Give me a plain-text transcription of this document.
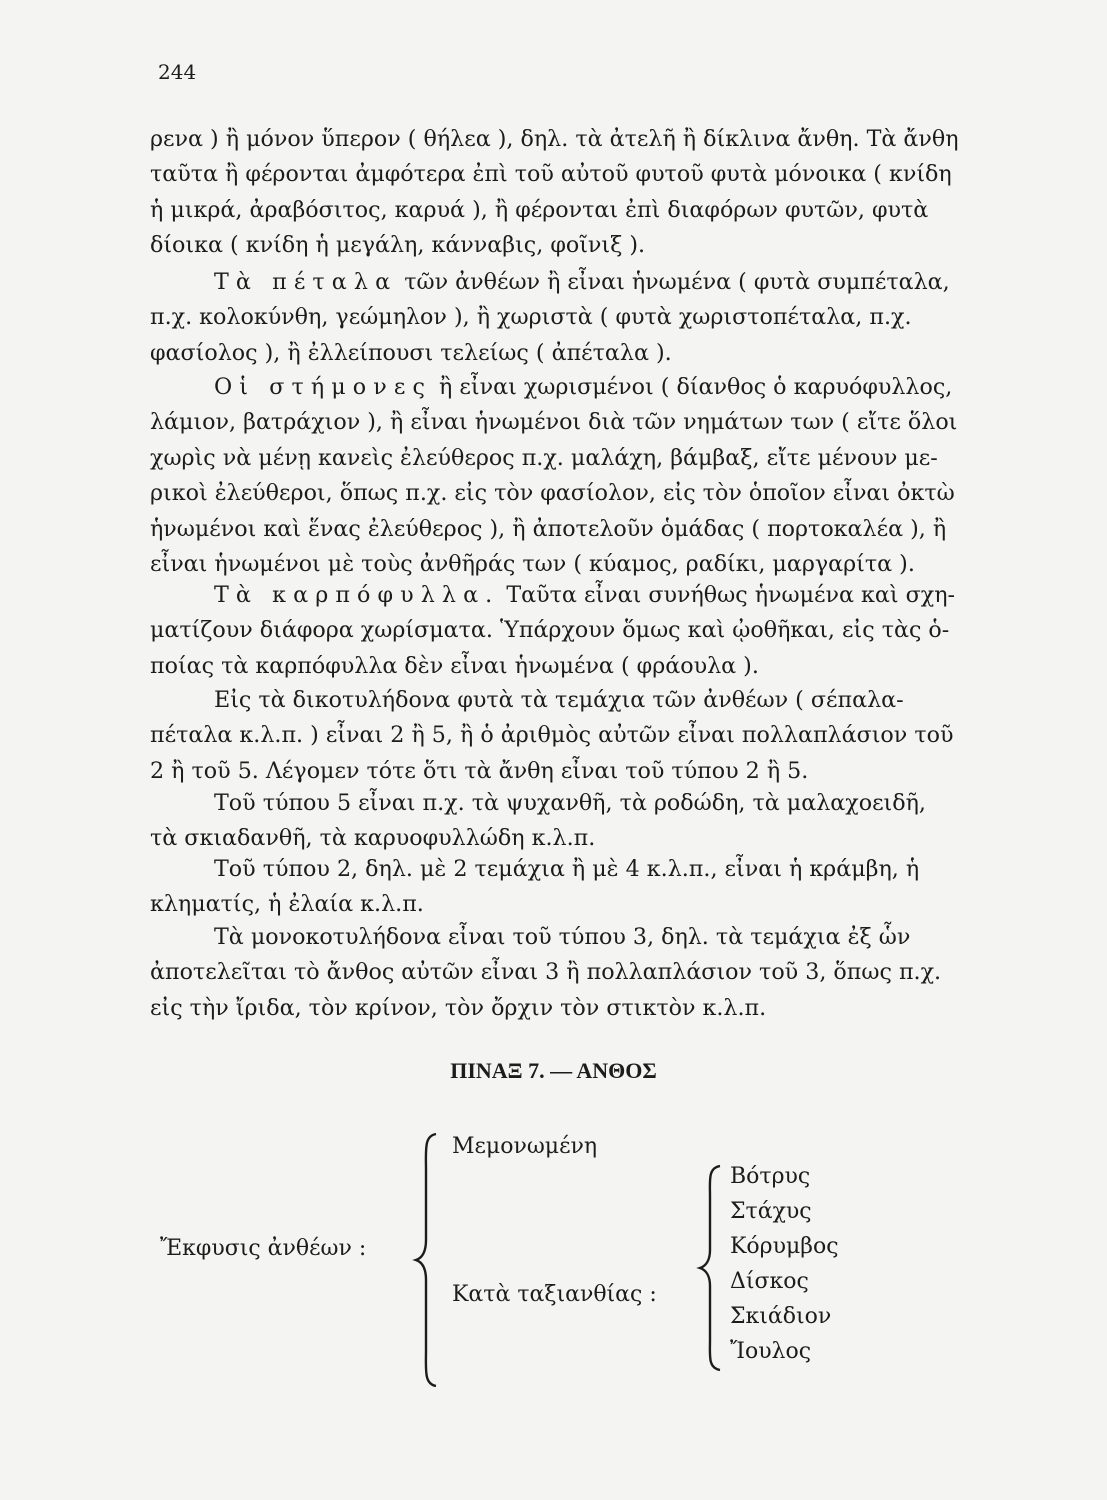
244
ρενα ) ἢ μόνον ὕπερον ( θήλεα ), δηλ. τὰ ἀτελῆ ἢ δίκλινα ἄνθη. Τὰ ἄνθη
ταῦτα ἢ φέρονται ἀμφότερα ἐπὶ τοῦ αὐτοῦ φυτοῦ φυτὰ μόνοικα ( κνίδη
ἡ μικρά, ἀραβόσιτος, καρυά ), ἢ φέρονται ἐπὶ διαφόρων φυτῶν, φυτὰ
δίοικα ( κνίδη ἡ μεγάλη, κάνναβις, φοῖνιξ ).
Τὰ πέταλα τῶν ἀνθέων ἢ εἶναι ἡνωμένα ( φυτὰ συμπέταλα,
π.χ. κολοκύνθη, γεώμηλον ), ἢ χωριστὰ ( φυτὰ χωριστοπέταλα, π.χ.
φασίολος ), ἢ ἐλλείπουσι τελείως ( ἀπέταλα ).
Οἱ στήμονες ἢ εἶναι χωρισμένοι ( δίανθος ὁ καρυόφυλλος,
λάμιον, βατράχιον ), ἢ εἶναι ἡνωμένοι διὰ τῶν νημάτων των ( εἴτε ὅλοι
χωρὶς νὰ μένῃ κανεὶς ἐλεύθερος π.χ. μαλάχη, βάμβαξ, εἴτε μένουν με-
ρικοὶ ἐλεύθεροι, ὅπως π.χ. εἰς τὸν φασίολον, εἰς τὸν ὁποῖον εἶναι ὀκτὼ
ἡνωμένοι καὶ ἕνας ἐλεύθερος ), ἢ ἀποτελοῦν ὁμάδας ( πορτοκαλέα ), ἢ
εἶναι ἡνωμένοι μὲ τοὺς ἀνθῆράς των ( κύαμος, ραδίκι, μαργαρίτα ).
Τὰ καρπόφυλλα. Ταῦτα εἶναι συνήθως ἡνωμένα καὶ σχη-
ματίζουν διάφορα χωρίσματα. Ὑπάρχουν ὅμως καὶ ᾠοθῆκαι, εἰς τὰς ὁ-
ποίας τὰ καρπόφυλλα δὲν εἶναι ἡνωμένα ( φράουλα ).
Εἰς τὰ δικοτυλήδονα φυτὰ τὰ τεμάχια τῶν ἀνθέων ( σέπαλα-
πέταλα κ.λ.π. ) εἶναι 2 ἢ 5, ἢ ὁ ἀριθμὸς αὐτῶν εἶναι πολλαπλάσιον τοῦ
2 ἢ τοῦ 5. Λέγομεν τότε ὅτι τὰ ἄνθη εἶναι τοῦ τύπου 2 ἢ 5.
Τοῦ τύπου 5 εἶναι π.χ. τὰ ψυχανθῆ, τὰ ροδώδη, τὰ μαλαχοειδῆ,
τὰ σκιαδανθῆ, τὰ καρυοφυλλώδη κ.λ.π.
Τοῦ τύπου 2, δηλ. μὲ 2 τεμάχια ἢ μὲ 4 κ.λ.π., εἶναι ἡ κράμβη, ἡ
κληματίς, ἡ ἐλαία κ.λ.π.
Τὰ μονοκοτυλήδονα εἶναι τοῦ τύπου 3, δηλ. τὰ τεμάχια ἐξ ὧν
ἀποτελεῖται τὸ ἄνθος αὐτῶν εἶναι 3 ἢ πολλαπλάσιον τοῦ 3, ὅπως π.χ.
εἰς τὴν ἴριδα, τὸν κρίνον, τὸν ὄρχιν τὸν στικτὸν κ.λ.π.
ΠΙΝΑΞ 7. — ΑΝΘΟΣ
Ἔκφυσις ἀνθέων :
Μεμονωμένη
Κατὰ ταξιανθίας :
Βότρυς
Στάχυς
Κόρυμβος
Δίσκος
Σκιάδιον
Ἴουλος
